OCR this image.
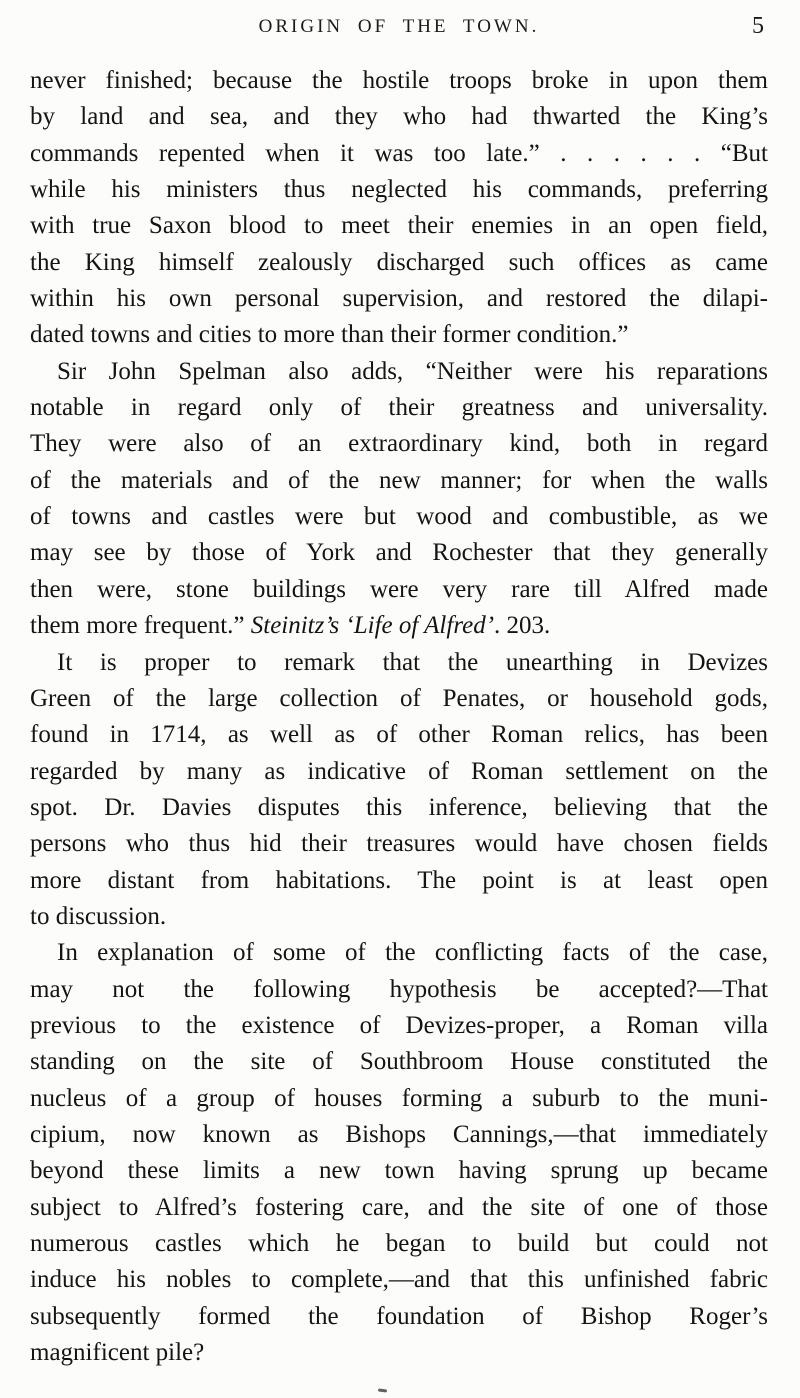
ORIGIN OF THE TOWN.	5
never finished; because the hostile troops broke in upon them
by land and sea, and they who had thwarted the King’s
commands repented when it was too late.” . . . . . . “But
while his ministers thus neglected his commands, preferring
with true Saxon blood to meet their enemies in an open field,
the King himself zealously discharged such offices as came
within his own personal supervision, and restored the dilapi-
dated towns and cities to more than their former condition.”
Sir John Spelman also adds, “Neither were his reparations
notable in regard only of their greatness and universality.
They were also of an extraordinary kind, both in regard
of the materials and of the new manner; for when the walls
of towns and castles were but wood and combustible, as we
may see by those of York and Rochester that they generally
then were, stone buildings were very rare till Alfred made
them more frequent.” Steinitz’s ‘Life of Alfred’. 203.
It is proper to remark that the unearthing in Devizes
Green of the large collection of Penates, or household gods,
found in 1714, as well as of other Roman relics, has been
regarded by many as indicative of Roman settlement on the
spot. Dr. Davies disputes this inference, believing that the
persons who thus hid their treasures would have chosen fields
more distant from habitations. The point is at least open
to discussion.
In explanation of some of the conflicting facts of the case,
may not the following hypothesis be accepted?—That
previous to the existence of Devizes-proper, a Roman villa
standing on the site of Southbroom House constituted the
nucleus of a group of houses forming a suburb to the muni-
cipium, now known as Bishops Cannings,—that immediately
beyond these limits a new town having sprung up became
subject to Alfred’s fostering care, and the site of one of those
numerous castles which he began to build but could not
induce his nobles to complete,—and that this unfinished fabric
subsequently formed the foundation of Bishop Roger’s
magnificent pile?
